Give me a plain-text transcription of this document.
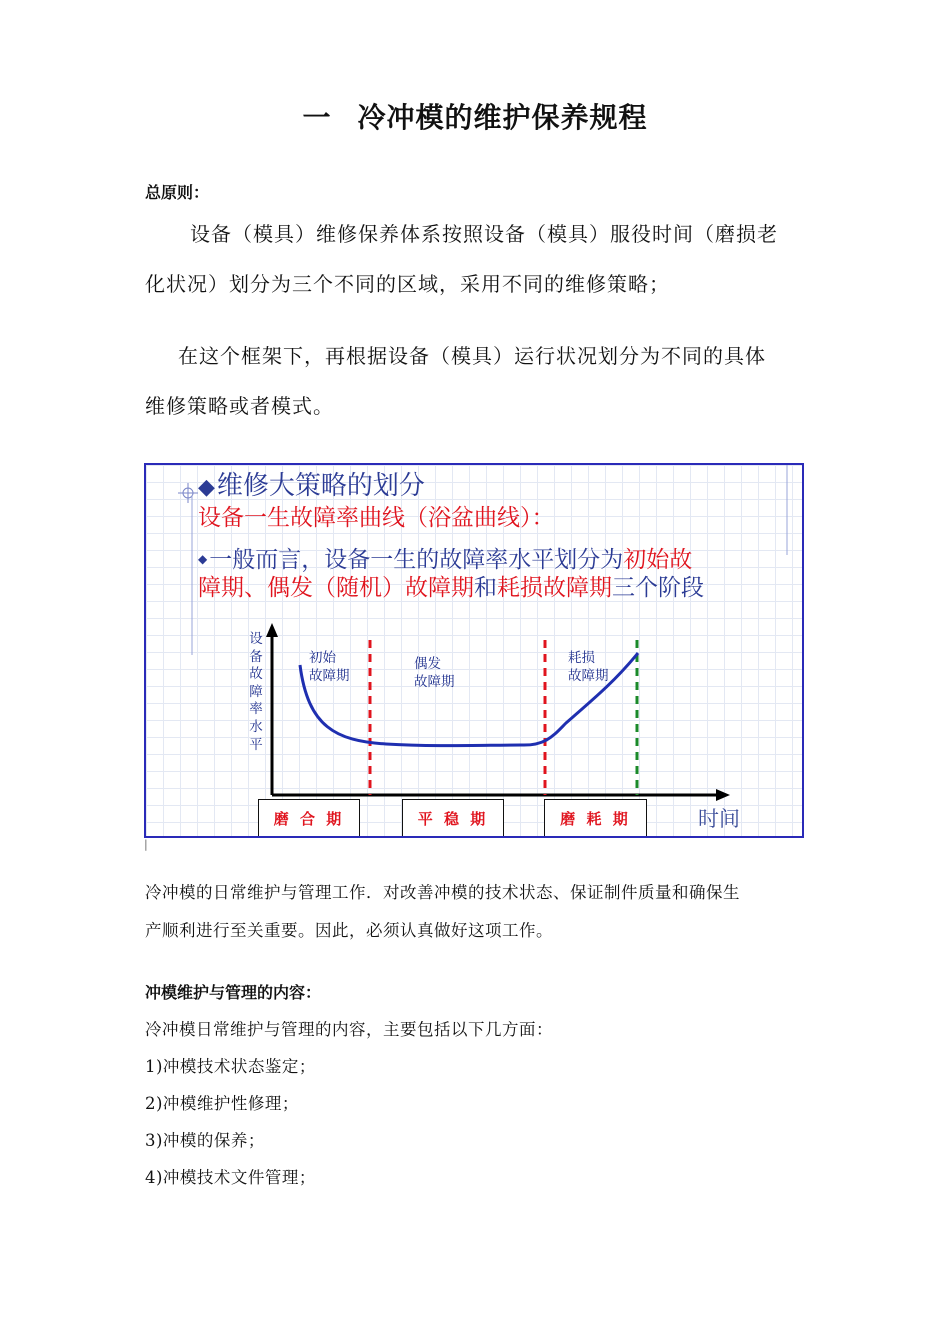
一 冷冲模的维护保养规程
总原则：
设备（模具）维修保养体系按照设备（模具）服役时间（磨损老
化状况）划分为三个不同的区域，采用不同的维修策略；
在这个框架下，再根据设备（模具）运行状况划分为不同的具体
维修策略或者模式。
◆维修大策略的划分
设备一生故障率曲线（浴盆曲线）：
◆一般而言，设备一生的故障率水平划分为初始故
障期、偶发（随机）故障期和耗损故障期三个阶段
设备故障率水平
初始
故障期
偶发
故障期
耗损
故障期
磨 合 期	平 稳 期	磨 耗 期	时间
|
冷冲模的日常维护与管理工作．对改善冲模的技术状态、保证制件质量和确保生
产顺利进行至关重要。因此，必须认真做好这项工作。
冲模维护与管理的内容：
冷冲模日常维护与管理的内容，主要包括以下几方面：
1)冲模技术状态鉴定；
2)冲模维护性修理；
3)冲模的保养；
4)冲模技术文件管理；
